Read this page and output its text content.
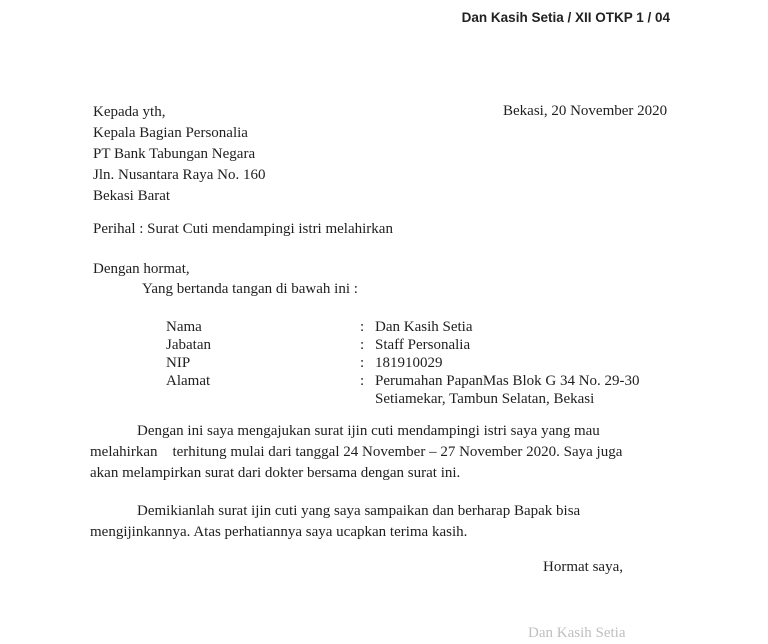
Dan Kasih Setia / XII OTKP 1 / 04
Bekasi, 20 November 2020
Kepada yth,
Kepala Bagian Personalia
PT Bank Tabungan Negara
Jln. Nusantara Raya No. 160
Bekasi Barat
Perihal : Surat Cuti mendampingi istri melahirkan
Dengan hormat,
Yang bertanda tangan di bawah ini :
Nama	: Dan Kasih Setia
Jabatan	: Staff Personalia
NIP	: 181910029
Alamat	: Perumahan PapanMas Blok G 34 No. 29-30
Setiamekar, Tambun Selatan, Bekasi
Dengan ini saya mengajukan surat ijin cuti mendampingi istri saya yang mau
melahirkan    terhitung mulai dari tanggal 24 November – 27 November 2020. Saya juga
akan melampirkan surat dari dokter bersama dengan surat ini.
Demikianlah surat ijin cuti yang saya sampaikan dan berharap Bapak bisa
mengijinkannya. Atas perhatiannya saya ucapkan terima kasih.
Hormat saya,
Dan Kasih Setia
